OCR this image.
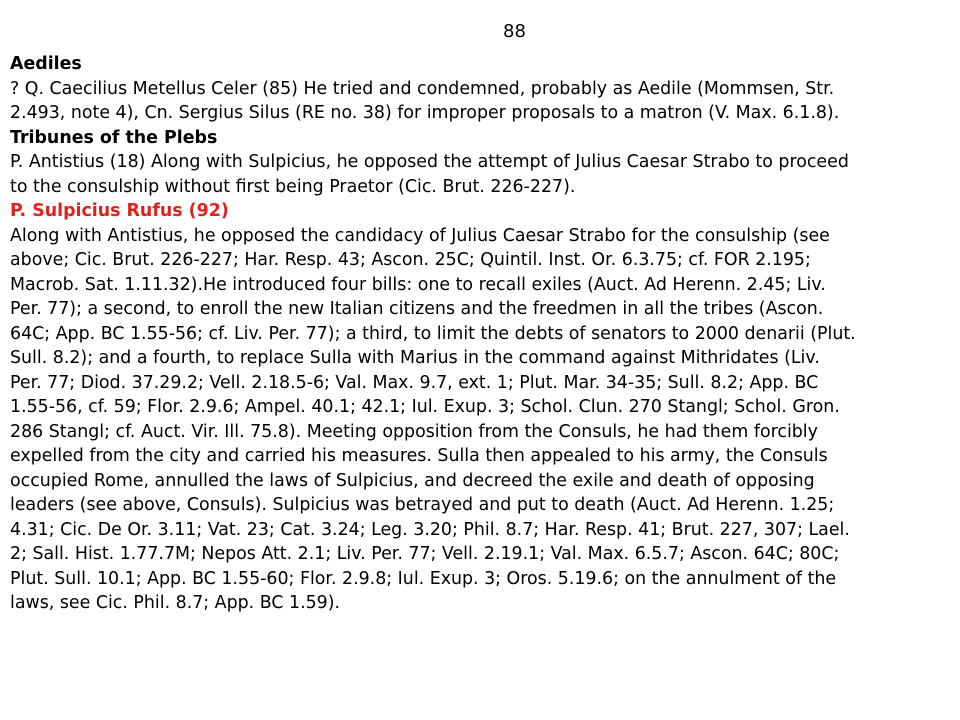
88
Aediles
? Q. Caecilius Metellus Celer (85) He tried and condemned, probably as Aedile (Mommsen, Str.
2.493, note 4), Cn. Sergius Silus (RE no. 38) for improper proposals to a matron (V. Max. 6.1.8).
Tribunes of the Plebs
P. Antistius (18) Along with Sulpicius, he opposed the attempt of Julius Caesar Strabo to proceed
to the consulship without first being Praetor (Cic. Brut. 226-227).
P. Sulpicius Rufus (92)
Along with Antistius, he opposed the candidacy of Julius Caesar Strabo for the consulship (see
above; Cic. Brut. 226-227; Har. Resp. 43; Ascon. 25C; Quintil. Inst. Or. 6.3.75; cf. FOR 2.195;
Macrob. Sat. 1.11.32).He introduced four bills: one to recall exiles (Auct. Ad Herenn. 2.45; Liv.
Per. 77); a second, to enroll the new Italian citizens and the freedmen in all the tribes (Ascon.
64C; App. BC 1.55-56; cf. Liv. Per. 77); a third, to limit the debts of senators to 2000 denarii (Plut.
Sull. 8.2); and a fourth, to replace Sulla with Marius in the command against Mithridates (Liv.
Per. 77; Diod. 37.29.2; Vell. 2.18.5-6; Val. Max. 9.7, ext. 1; Plut. Mar. 34-35; Sull. 8.2; App. BC
1.55-56, cf. 59; Flor. 2.9.6; Ampel. 40.1; 42.1; Iul. Exup. 3; Schol. Clun. 270 Stangl; Schol. Gron.
286 Stangl; cf. Auct. Vir. Ill. 75.8). Meeting opposition from the Consuls, he had them forcibly
expelled from the city and carried his measures. Sulla then appealed to his army, the Consuls
occupied Rome, annulled the laws of Sulpicius, and decreed the exile and death of opposing
leaders (see above, Consuls). Sulpicius was betrayed and put to death (Auct. Ad Herenn. 1.25;
4.31; Cic. De Or. 3.11; Vat. 23; Cat. 3.24; Leg. 3.20; Phil. 8.7; Har. Resp. 41; Brut. 227, 307; Lael.
2; Sall. Hist. 1.77.7M; Nepos Att. 2.1; Liv. Per. 77; Vell. 2.19.1; Val. Max. 6.5.7; Ascon. 64C; 80C;
Plut. Sull. 10.1; App. BC 1.55-60; Flor. 2.9.8; Iul. Exup. 3; Oros. 5.19.6; on the annulment of the
laws, see Cic. Phil. 8.7; App. BC 1.59).
